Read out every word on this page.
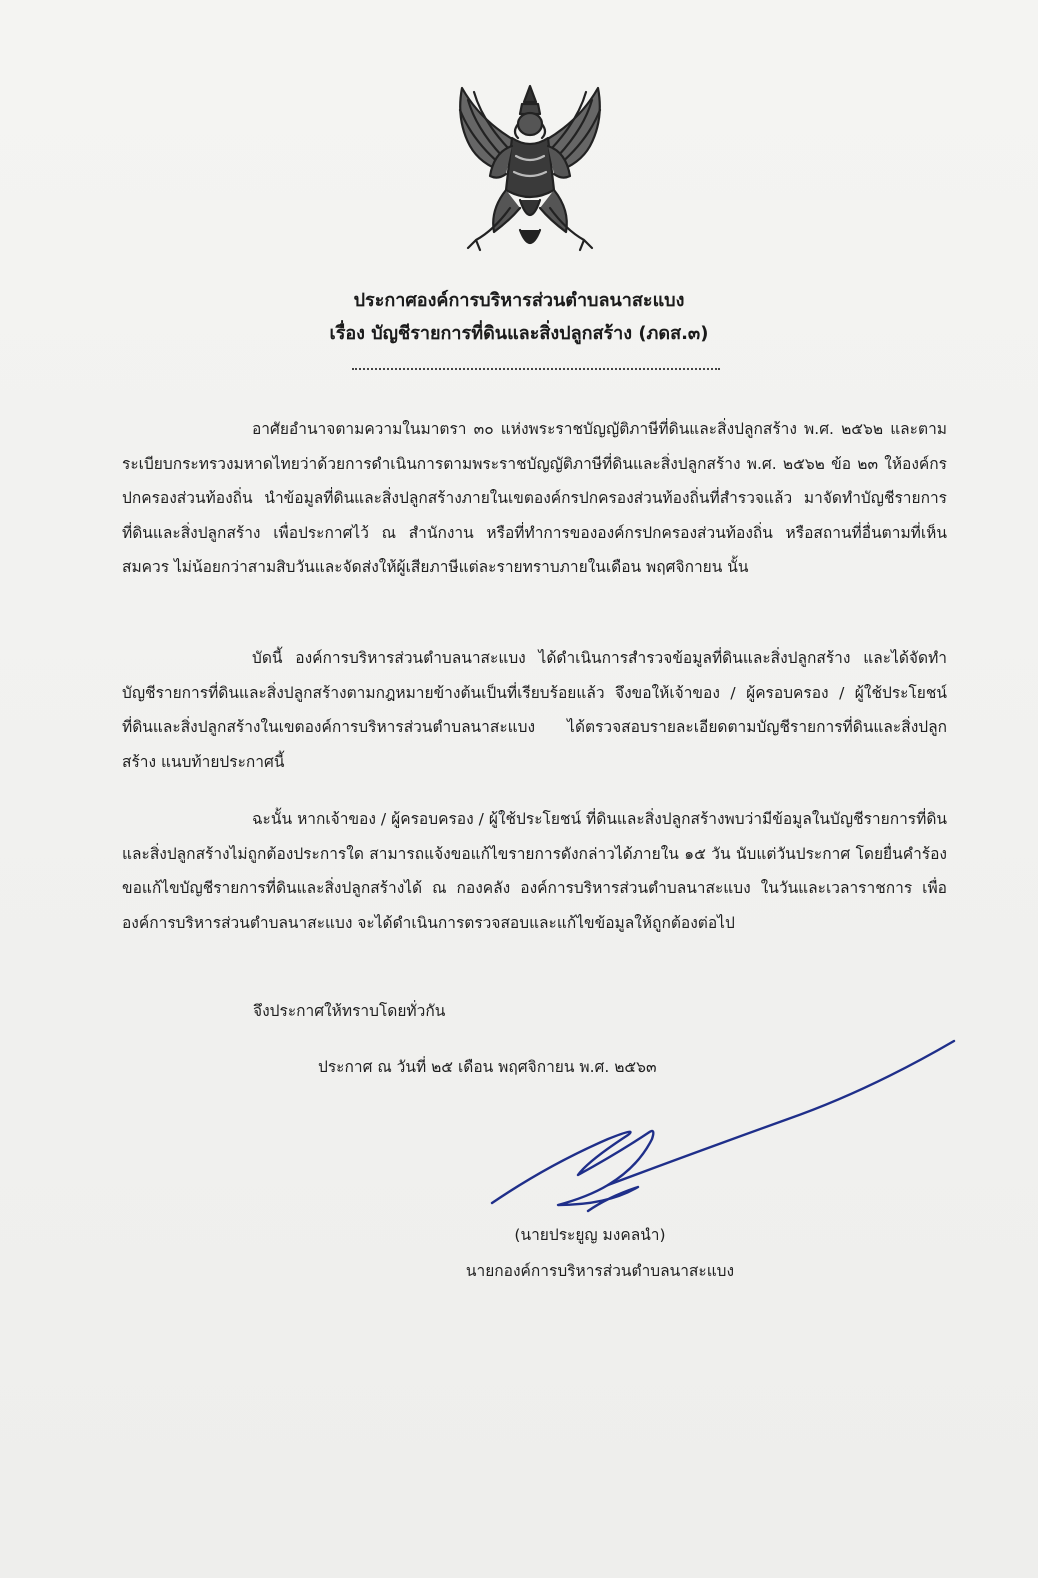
ประกาศองค์การบริหารส่วนตำบลนาสะแบง
เรื่อง บัญชีรายการที่ดินและสิ่งปลูกสร้าง (ภดส.๓)

อาศัยอำนาจตามความในมาตรา ๓๐ แห่งพระราชบัญญัติภาษีที่ดินและสิ่งปลูกสร้าง พ.ศ. ๒๕๖๒ และตามระเบียบกระทรวงมหาดไทยว่าด้วยการดำเนินการตามพระราชบัญญัติภาษีที่ดินและสิ่งปลูกสร้าง พ.ศ. ๒๕๖๒ ข้อ ๒๓ ให้องค์กรปกครองส่วนท้องถิ่น นำข้อมูลที่ดินและสิ่งปลูกสร้างภายในเขตองค์กรปกครองส่วนท้องถิ่นที่สำรวจแล้ว มาจัดทำบัญชีรายการที่ดินและสิ่งปลูกสร้าง เพื่อประกาศไว้ ณ สำนักงาน หรือที่ทำการขององค์กรปกครองส่วนท้องถิ่น หรือสถานที่อื่นตามที่เห็นสมควร ไม่น้อยกว่าสามสิบวันและจัดส่งให้ผู้เสียภาษีแต่ละรายทราบภายในเดือน พฤศจิกายน นั้น

บัดนี้ องค์การบริหารส่วนตำบลนาสะแบง ได้ดำเนินการสำรวจข้อมูลที่ดินและสิ่งปลูกสร้าง และได้จัดทำบัญชีรายการที่ดินและสิ่งปลูกสร้างตามกฎหมายข้างต้นเป็นที่เรียบร้อยแล้ว จึงขอให้เจ้าของ / ผู้ครอบครอง / ผู้ใช้ประโยชน์ ที่ดินและสิ่งปลูกสร้างในเขตองค์การบริหารส่วนตำบลนาสะแบง ได้ตรวจสอบรายละเอียดตามบัญชีรายการที่ดินและสิ่งปลูกสร้าง แนบท้ายประกาศนี้

ฉะนั้น หากเจ้าของ / ผู้ครอบครอง / ผู้ใช้ประโยชน์ ที่ดินและสิ่งปลูกสร้างพบว่ามีข้อมูลในบัญชีรายการที่ดินและสิ่งปลูกสร้างไม่ถูกต้องประการใด สามารถแจ้งขอแก้ไขรายการดังกล่าวได้ภายใน ๑๕ วัน นับแต่วันประกาศ โดยยื่นคำร้องขอแก้ไขบัญชีรายการที่ดินและสิ่งปลูกสร้างได้ ณ กองคลัง องค์การบริหารส่วนตำบลนาสะแบง ในวันและเวลาราชการ เพื่อองค์การบริหารส่วนตำบลนาสะแบง จะได้ดำเนินการตรวจสอบและแก้ไขข้อมูลให้ถูกต้องต่อไป

จึงประกาศให้ทราบโดยทั่วกัน
ประกาศ ณ วันที่ ๒๕ เดือน พฤศจิกายน พ.ศ. ๒๕๖๓
(นายประยูญ มงคลนำ)
นายกองค์การบริหารส่วนตำบลนาสะแบง
